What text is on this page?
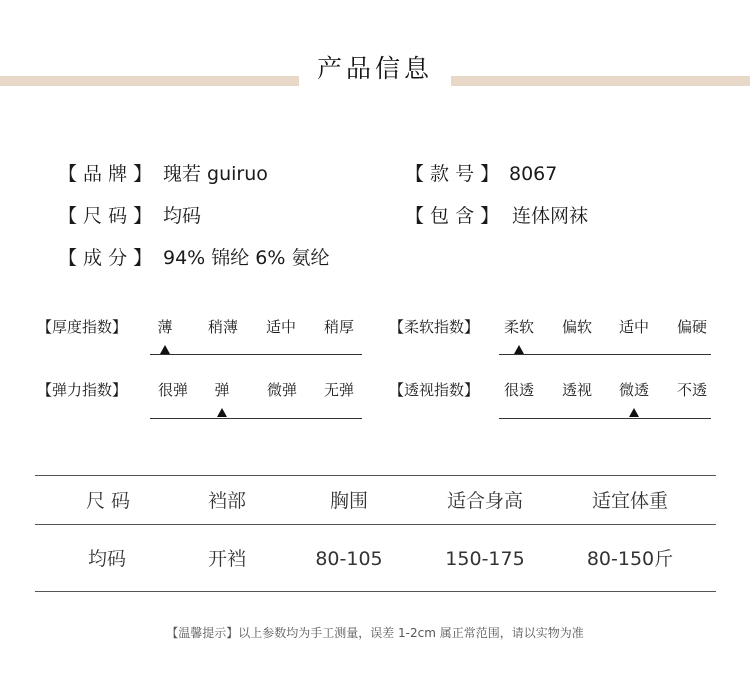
产品信息
【 品 牌 】 瑰若 guiruo	【 款 号 】 8067
【 尺 码 】 均码	【 包 含 】 连体网袜
【 成 分 】 94% 锦纶 6% 氨纶
【厚度指数】 薄 稍薄 适中 稍厚 【柔软指数】 柔软 偏软 适中 偏硬
【弹力指数】 很弹 弹 微弹 无弹 【透视指数】 很透 透视 微透 不透
尺 码	裆部	胸围	适合身高	适宜体重
均码	开裆	80-105	150-175	80-150斤
【温馨提示】以上参数均为手工测量，误差 1-2cm 属正常范围，请以实物为准
